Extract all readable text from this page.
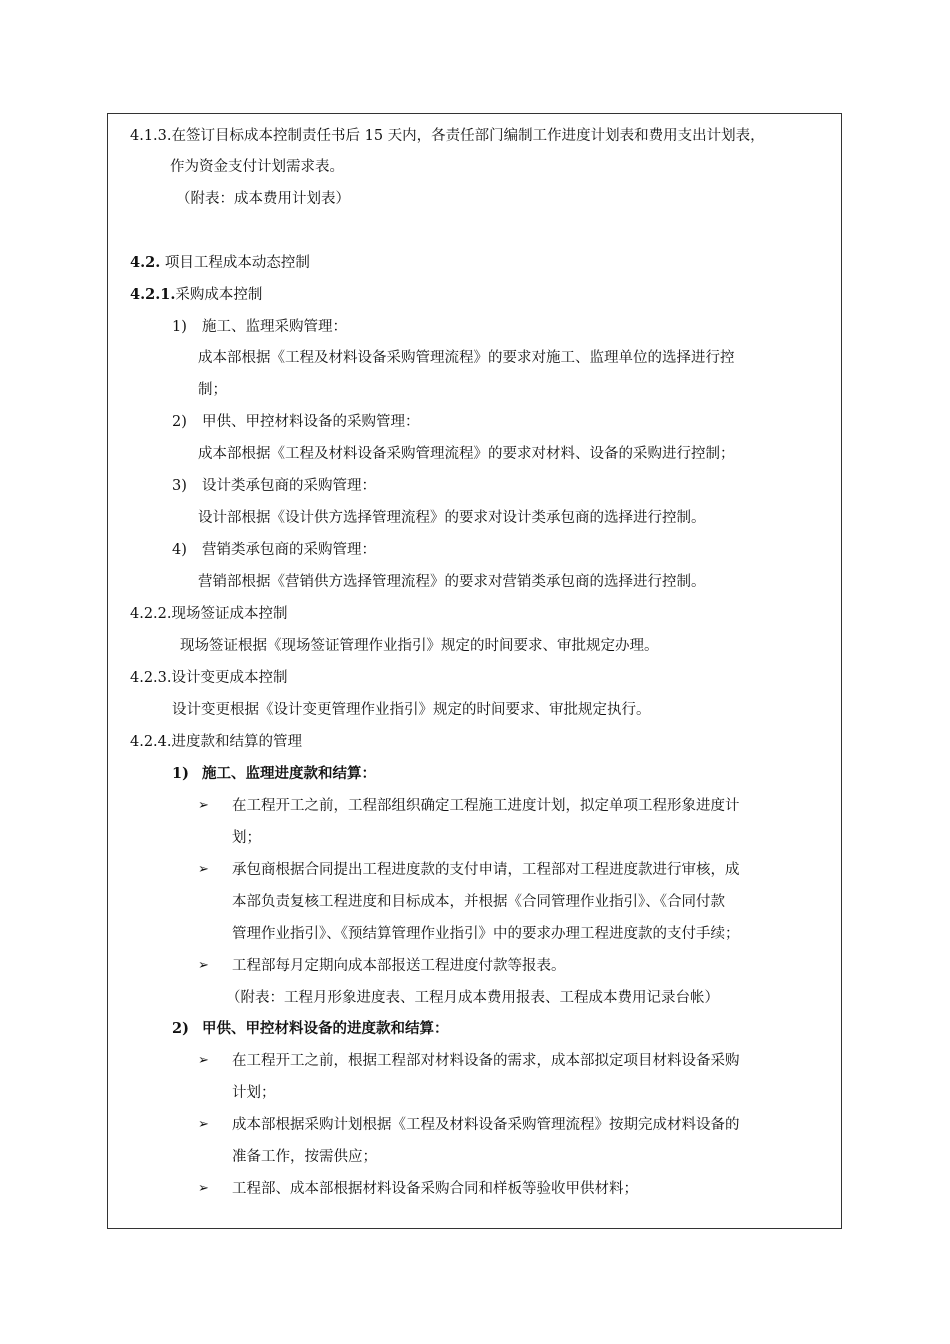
4.1.3.在签订目标成本控制责任书后 15 天内，各责任部门编制工作进度计划表和费用支出计划表，
作为资金支付计划需求表。
（附表：成本费用计划表）
4.2. 项目工程成本动态控制
4.2.1.采购成本控制
1) 施工、监理采购管理：
成本部根据《工程及材料设备采购管理流程》的要求对施工、监理单位的选择进行控
制；
2) 甲供、甲控材料设备的采购管理：
成本部根据《工程及材料设备采购管理流程》的要求对材料、设备的采购进行控制；
3) 设计类承包商的采购管理：
设计部根据《设计供方选择管理流程》的要求对设计类承包商的选择进行控制。
4) 营销类承包商的采购管理：
营销部根据《营销供方选择管理流程》的要求对营销类承包商的选择进行控制。
4.2.2.现场签证成本控制
现场签证根据《现场签证管理作业指引》规定的时间要求、审批规定办理。
4.2.3.设计变更成本控制
设计变更根据《设计变更管理作业指引》规定的时间要求、审批规定执行。
4.2.4.进度款和结算的管理
1) 施工、监理进度款和结算：
➢ 在工程开工之前，工程部组织确定工程施工进度计划，拟定单项工程形象进度计
划；
➢ 承包商根据合同提出工程进度款的支付申请，工程部对工程进度款进行审核，成
本部负责复核工程进度和目标成本，并根据《合同管理作业指引》、《合同付款
管理作业指引》、《预结算管理作业指引》中的要求办理工程进度款的支付手续；
➢ 工程部每月定期向成本部报送工程进度付款等报表。
（附表：工程月形象进度表、工程月成本费用报表、工程成本费用记录台帐）
2) 甲供、甲控材料设备的进度款和结算：
➢ 在工程开工之前，根据工程部对材料设备的需求，成本部拟定项目材料设备采购
计划；
➢ 成本部根据采购计划根据《工程及材料设备采购管理流程》按期完成材料设备的
准备工作，按需供应；
➢ 工程部、成本部根据材料设备采购合同和样板等验收甲供材料；
